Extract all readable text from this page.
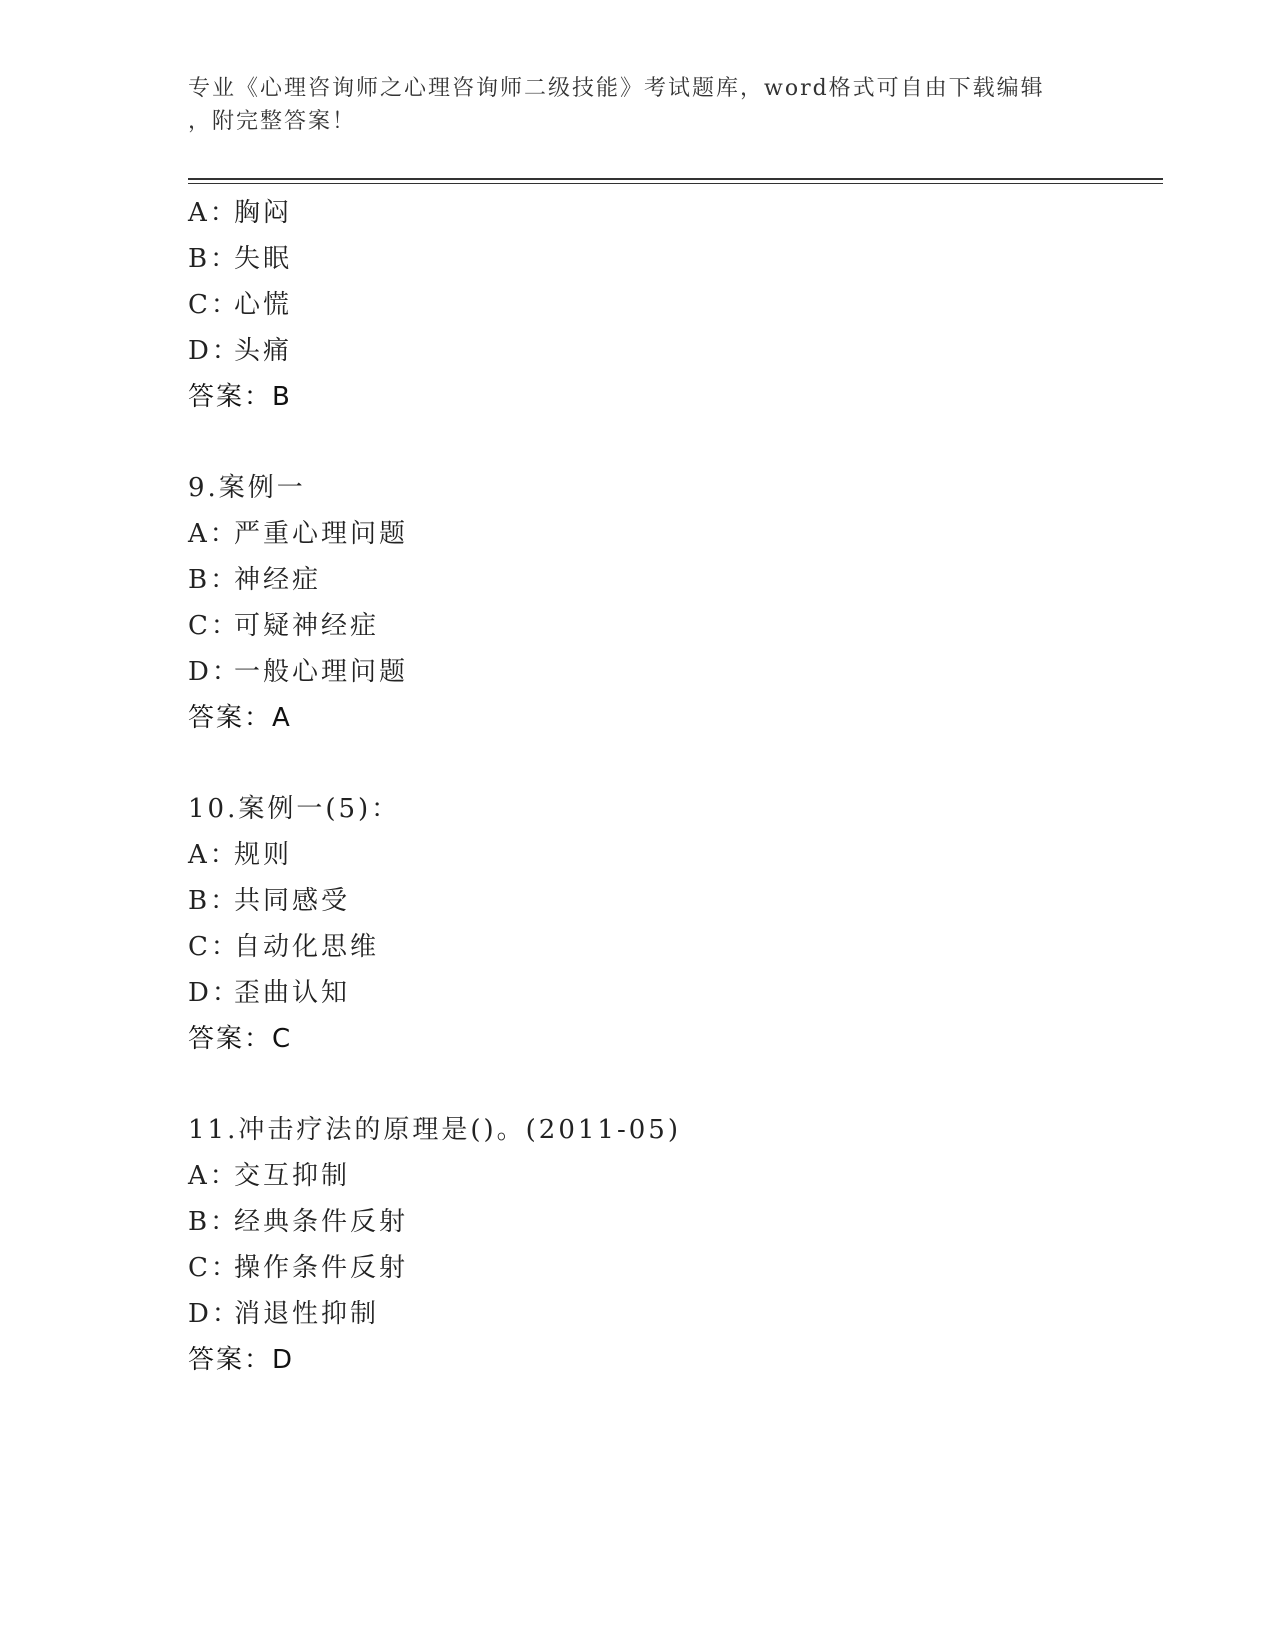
专业《心理咨询师之心理咨询师二级技能》考试题库，word格式可自由下载编辑
，附完整答案！
A：胸闷
B：失眠
C：心慌
D：头痛
答案：B
9.案例一
A：严重心理问题
B：神经症
C：可疑神经症
D：一般心理问题
答案：A
10.案例一(5)：
A：规则
B：共同感受
C：自动化思维
D：歪曲认知
答案：C
11.冲击疗法的原理是()。(2011-05)
A：交互抑制
B：经典条件反射
C：操作条件反射
D：消退性抑制
答案：D
